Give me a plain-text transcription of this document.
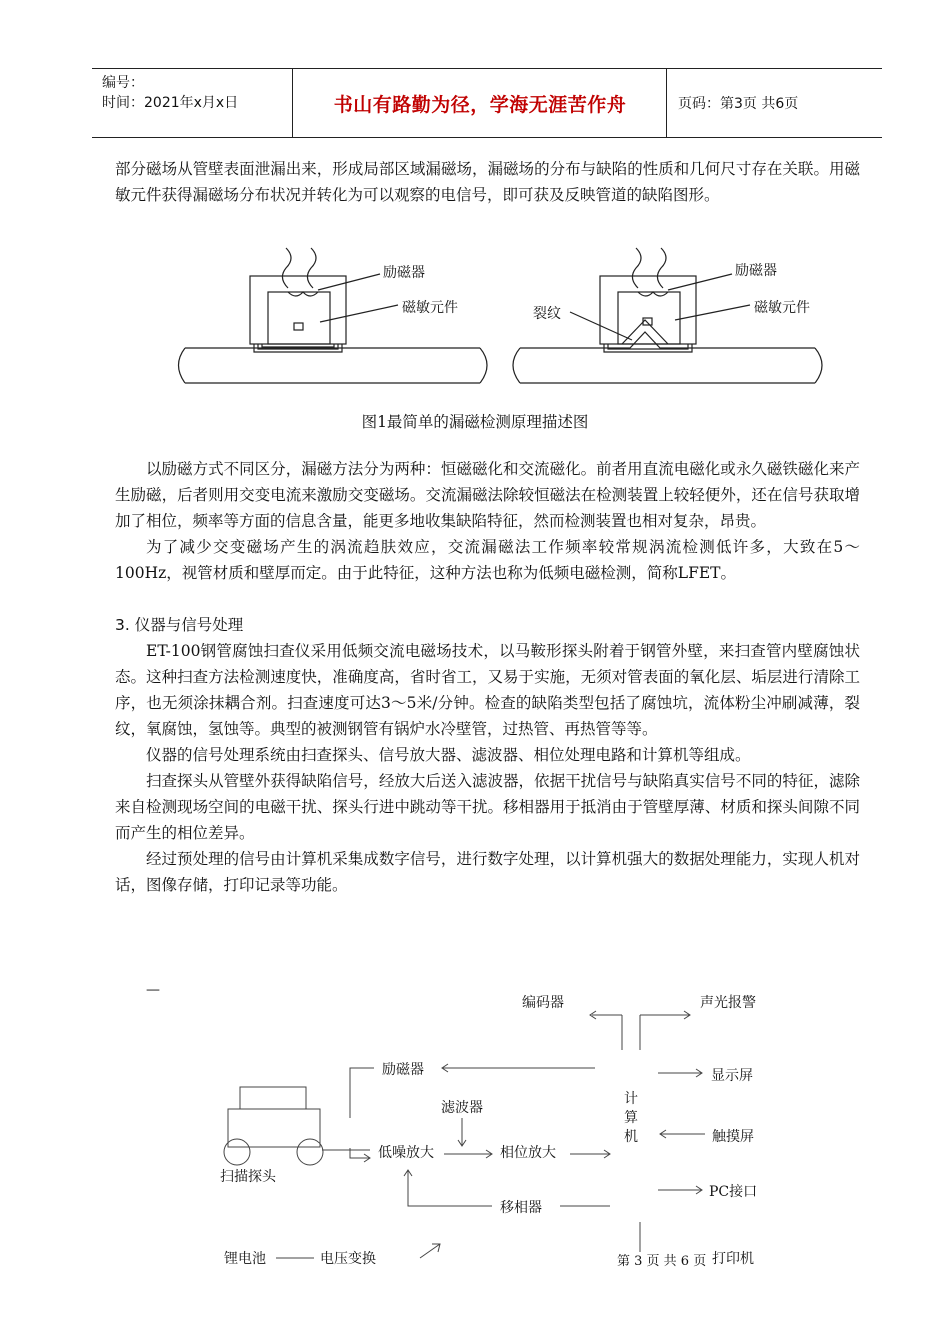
编号：
时间：2021年x月x日	书山有路勤为径，学海无涯苦作舟	页码：第3页 共6页

部分磁场从管壁表面泄漏出来，形成局部区域漏磁场，漏磁场的分布与缺陷的性质和几何尺寸存在关联。用磁敏元件获得漏磁场分布状况并转化为可以观察的电信号，即可获及反映管道的缺陷图形。

励磁器
磁敏元件	裂纹
励磁器
磁敏元件
图1最简单的漏磁检测原理描述图

以励磁方式不同区分，漏磁方法分为两种：恒磁磁化和交流磁化。前者用直流电磁化或永久磁铁磁化来产生励磁，后者则用交变电流来激励交变磁场。交流漏磁法除较恒磁法在检测装置上较轻便外，还在信号获取增加了相位，频率等方面的信息含量，能更多地收集缺陷特征，然而检测装置也相对复杂，昂贵。

为了减少交变磁场产生的涡流趋肤效应，交流漏磁法工作频率较常规涡流检测低许多，大致在5～100Hz，视管材质和壁厚而定。由于此特征，这种方法也称为低频电磁检测，简称LFET。

3. 仪器与信号处理

ET-100钢管腐蚀扫查仪采用低频交流电磁场技术，以马鞍形探头附着于钢管外壁，来扫查管内壁腐蚀状态。这种扫查方法检测速度快，准确度高，省时省工，又易于实施，无须对管表面的氧化层、垢层进行清除工序，也无须涂抹耦合剂。扫查速度可达3～5米/分钟。检查的缺陷类型包括了腐蚀坑，流体粉尘冲刷减薄，裂纹，氧腐蚀，氢蚀等。典型的被测钢管有锅炉水冷壁管，过热管、再热管等等。

仪器的信号处理系统由扫查探头、信号放大器、滤波器、相位处理电路和计算机等组成。

扫查探头从管壁外获得缺陷信号，经放大后送入滤波器，依据干扰信号与缺陷真实信号不同的特征，滤除来自检测现场空间的电磁干扰、探头行进中跳动等干扰。移相器用于抵消由于管壁厚薄、材质和探头间隙不同而产生的相位差异。

经过预处理的信号由计算机采集成数字信号，进行数字处理，以计算机强大的数据处理能力，实现人机对话，图像存储，打印记录等功能。

—
编码器	声光报警
励磁器	显示屏
滤波器
计
算
机
低噪放大	相位放大
触摸屏
扫描探头
PC接口
移相器
锂电池	电压变换	打印机
第 3 页 共 6 页
